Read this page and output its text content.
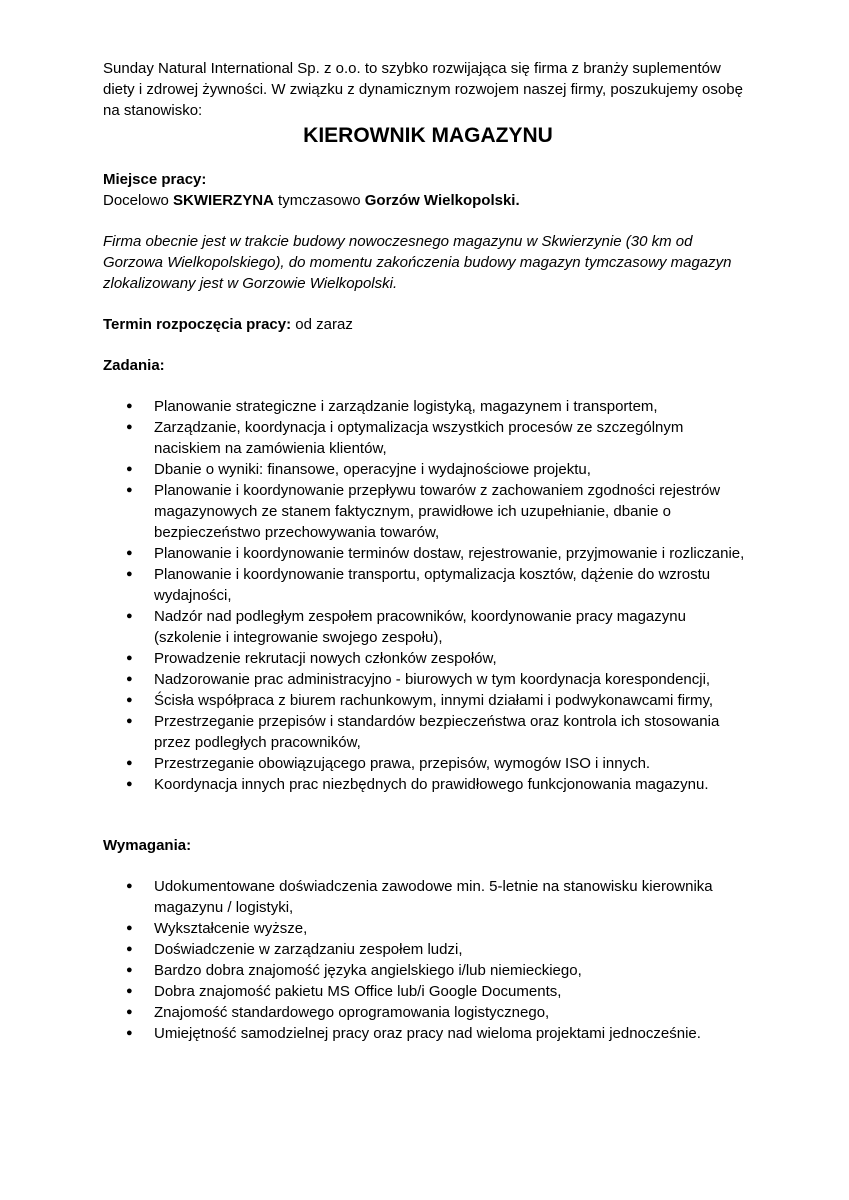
Sunday Natural International Sp. z o.o. to szybko rozwijająca się firma z branży suplementów diety i zdrowej żywności. W związku z dynamicznym rozwojem naszej firmy, poszukujemy osobę na stanowisko:

KIEROWNIK MAGAZYNU

Miejsce pracy:

Docelowo SKWIERZYNA tymczasowo Gorzów Wielkopolski.

Firma obecnie jest w trakcie budowy nowoczesnego magazynu w Skwierzynie (30 km od Gorzowa Wielkopolskiego), do momentu zakończenia budowy magazyn tymczasowy magazyn zlokalizowany jest w Gorzowie Wielkopolski.

Termin rozpoczęcia pracy: od zaraz

Zadania:

● Planowanie strategiczne i zarządzanie logistyką, magazynem i transportem,
● Zarządzanie, koordynacja i optymalizacja wszystkich procesów ze szczególnym naciskiem na zamówienia klientów,
● Dbanie o wyniki: finansowe, operacyjne i wydajnościowe projektu,
● Planowanie i koordynowanie przepływu towarów z zachowaniem zgodności rejestrów magazynowych ze stanem faktycznym, prawidłowe ich uzupełnianie, dbanie o bezpieczeństwo przechowywania towarów,
● Planowanie i koordynowanie terminów dostaw, rejestrowanie, przyjmowanie i rozliczanie,
● Planowanie i koordynowanie transportu, optymalizacja kosztów, dążenie do wzrostu wydajności,
● Nadzór nad podległym zespołem pracowników, koordynowanie pracy magazynu (szkolenie i integrowanie swojego zespołu),
● Prowadzenie rekrutacji nowych członków zespołów,
● Nadzorowanie prac administracyjno - biurowych w tym koordynacja korespondencji,
● Ścisła współpraca z biurem rachunkowym, innymi działami i podwykonawcami firmy,
● Przestrzeganie przepisów i standardów bezpieczeństwa oraz kontrola ich stosowania przez podległych pracowników,
● Przestrzeganie obowiązującego prawa, przepisów, wymogów ISO i innych.
● Koordynacja innych prac niezbędnych do prawidłowego funkcjonowania magazynu.

Wymagania:

● Udokumentowane doświadczenia zawodowe min. 5-letnie na stanowisku kierownika magazynu / logistyki,
● Wykształcenie wyższe,
● Doświadczenie w zarządzaniu zespołem ludzi,
● Bardzo dobra znajomość języka angielskiego i/lub niemieckiego,
● Dobra znajomość pakietu MS Office lub/i Google Documents,
● Znajomość standardowego oprogramowania logistycznego,
● Umiejętność samodzielnej pracy oraz pracy nad wieloma projektami jednocześnie.
